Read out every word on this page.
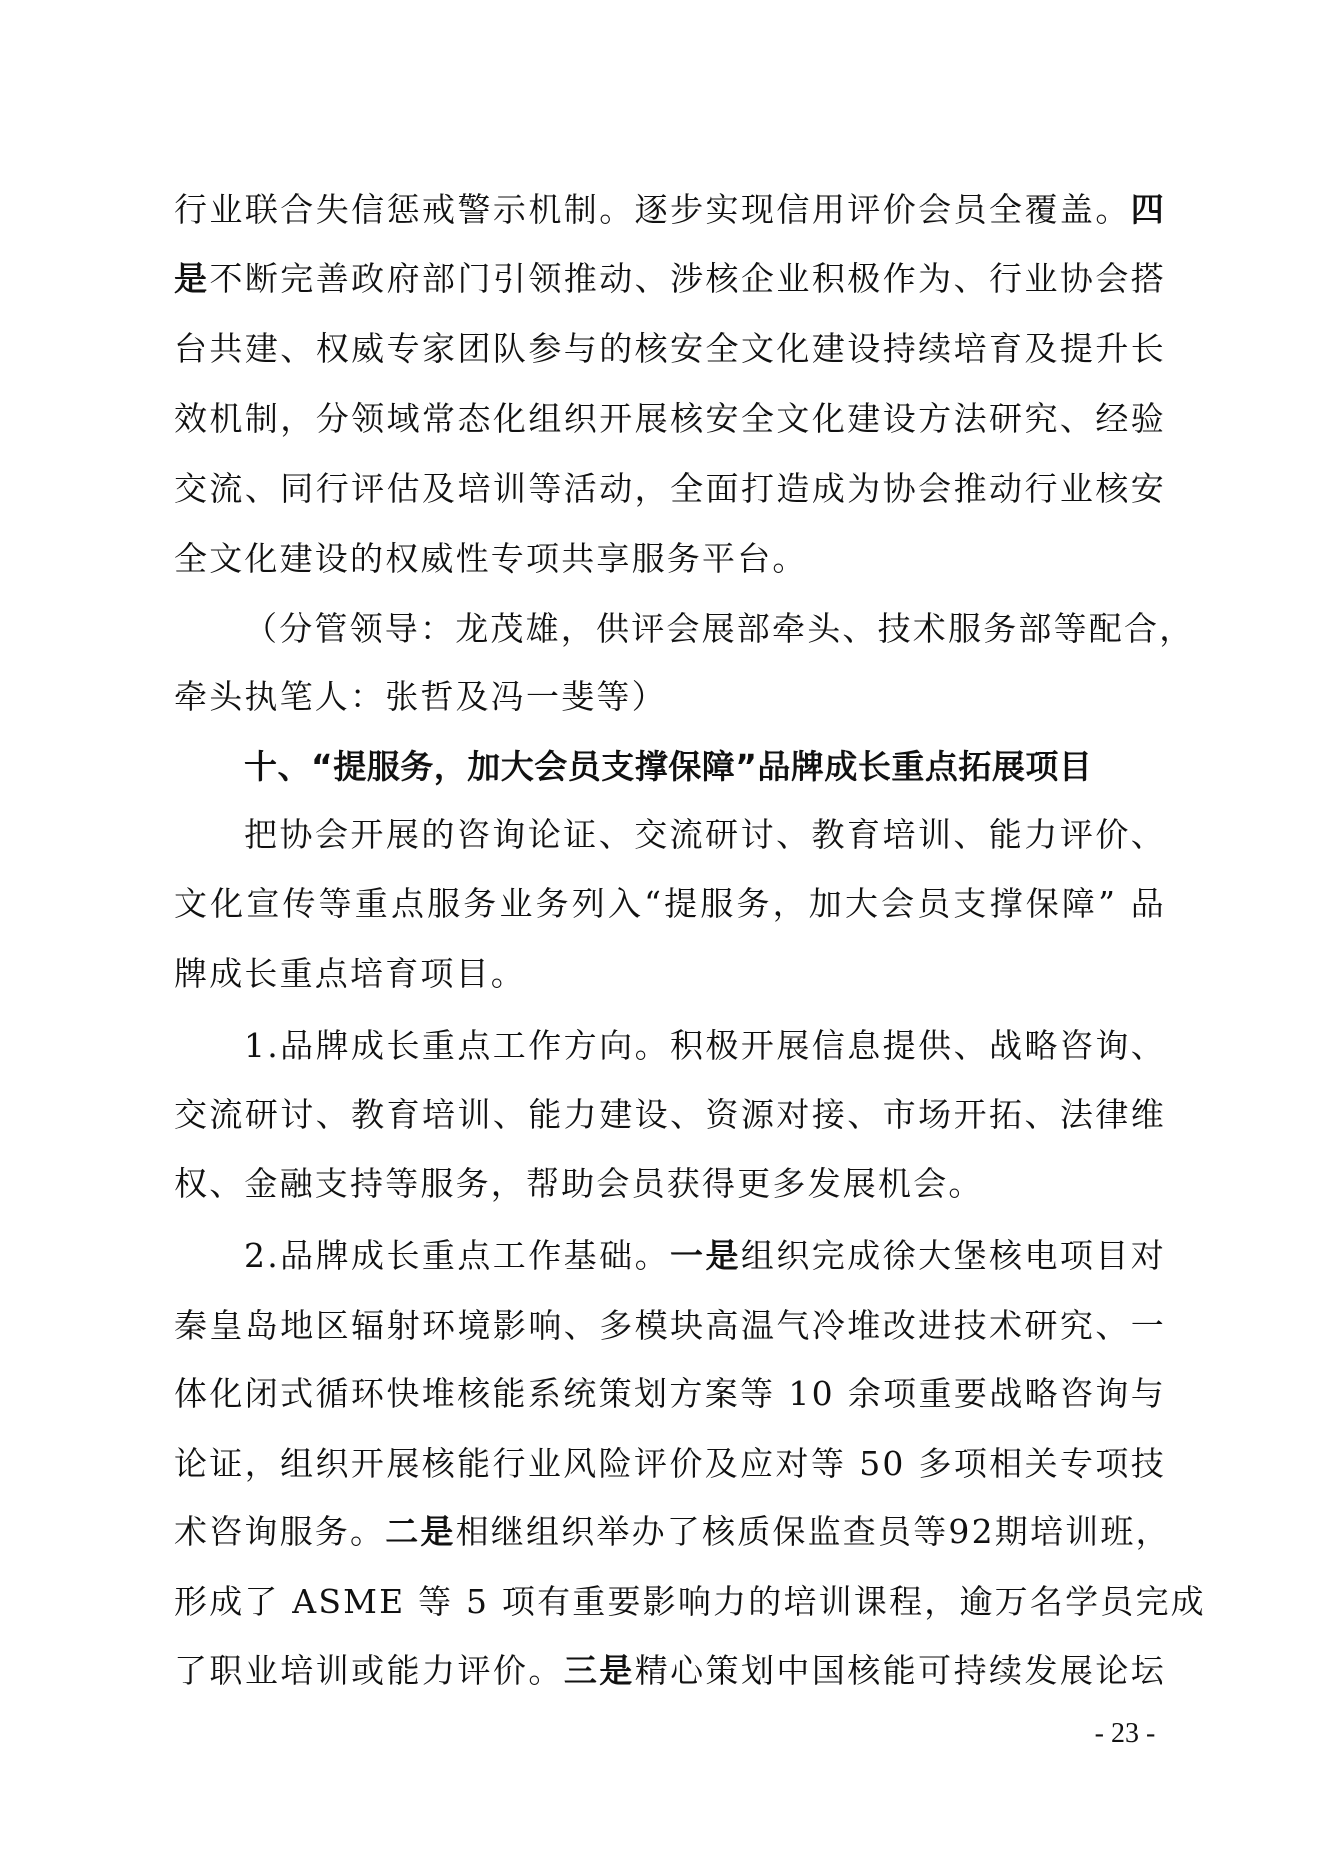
行业联合失信惩戒警示机制。逐步实现信用评价会员全覆盖。四
是不断完善政府部门引领推动、涉核企业积极作为、行业协会搭
台共建、权威专家团队参与的核安全文化建设持续培育及提升长
效机制，分领域常态化组织开展核安全文化建设方法研究、经验
交流、同行评估及培训等活动，全面打造成为协会推动行业核安
全文化建设的权威性专项共享服务平台。
（分管领导：龙茂雄，供评会展部牵头、技术服务部等配合，
牵头执笔人：张哲及冯一斐等）
十、“提服务，加大会员支撑保障”品牌成长重点拓展项目
把协会开展的咨询论证、交流研讨、教育培训、能力评价、
文化宣传等重点服务业务列入“提服务，加大会员支撑保障” 品
牌成长重点培育项目。
1.品牌成长重点工作方向。积极开展信息提供、战略咨询、
交流研讨、教育培训、能力建设、资源对接、市场开拓、法律维
权、金融支持等服务，帮助会员获得更多发展机会。
2.品牌成长重点工作基础。一是组织完成徐大堡核电项目对
秦皇岛地区辐射环境影响、多模块高温气冷堆改进技术研究、一
体化闭式循环快堆核能系统策划方案等 10 余项重要战略咨询与
论证，组织开展核能行业风险评价及应对等 50 多项相关专项技
术咨询服务。二是相继组织举办了核质保监查员等92期培训班，
形成了 ASME 等 5 项有重要影响力的培训课程，逾万名学员完成
了职业培训或能力评价。三是精心策划中国核能可持续发展论坛
- 23 -
